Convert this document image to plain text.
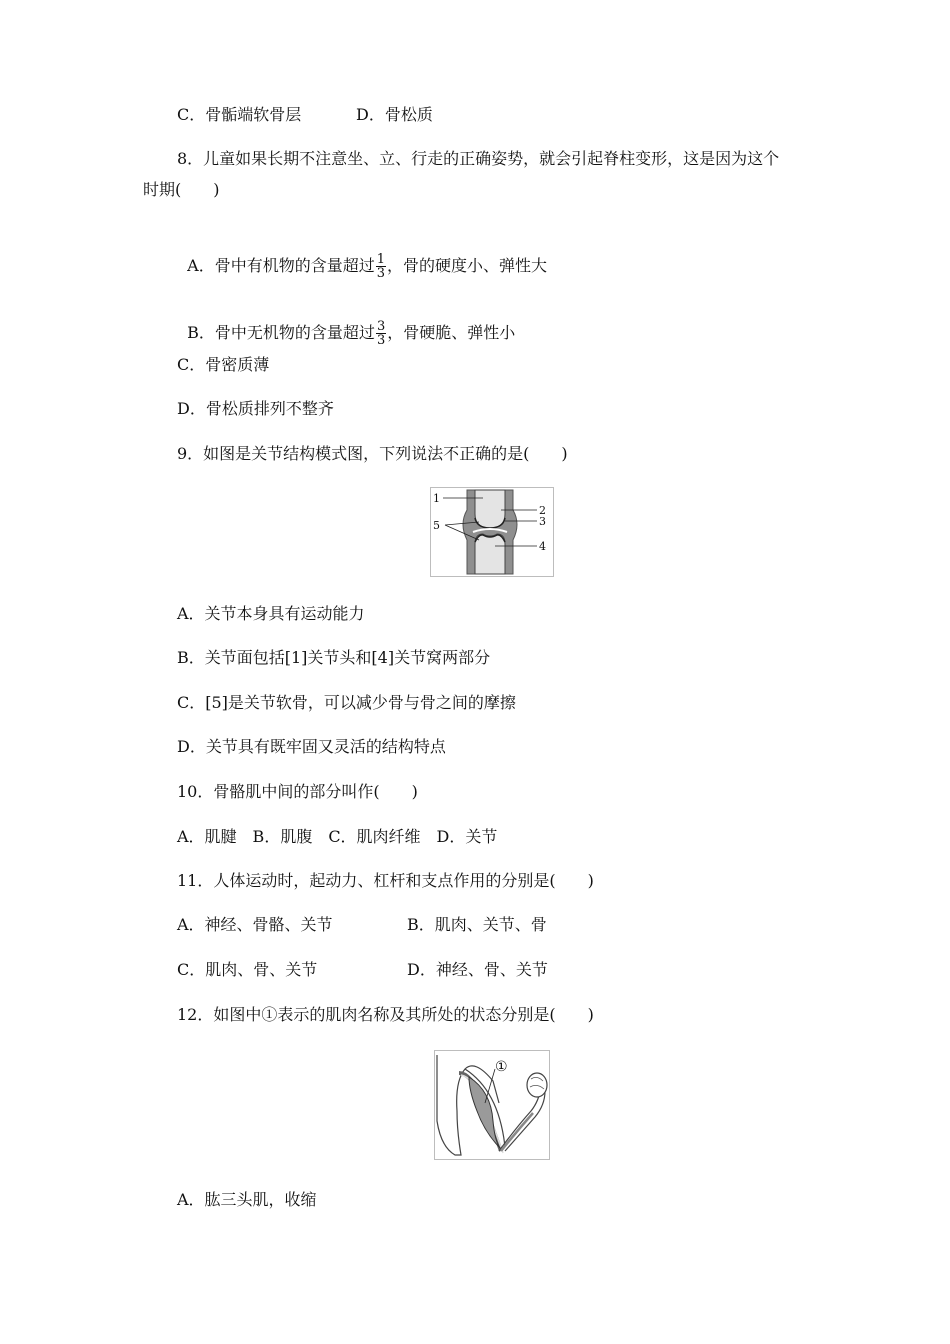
C．骨骺端软骨层	D．骨松质
8．儿童如果长期不注意坐、立、行走的正确姿势，就会引起脊柱变形，这是因为这个
时期(　　)

A．骨中有机物的含量超过 $\frac{1}{3}$ ，骨的硬度小、弹性大

B．骨中无机物的含量超过 $\frac{3}{3}$ ，骨硬脆、弹性小

C．骨密质薄
D．骨松质排列不整齐
9．如图是关节结构模式图，下列说法不正确的是(　　)
1
2
3
4
5
A．关节本身具有运动能力
B．关节面包括[1]关节头和[4]关节窝两部分
C．[5]是关节软骨，可以减少骨与骨之间的摩擦
D．关节具有既牢固又灵活的结构特点
10．骨骼肌中间的部分叫作(　　)
A．肌腱　B．肌腹　C．肌肉纤维　D．关节
11．人体运动时，起动力、杠杆和支点作用的分别是(　　)
A．神经、骨骼、关节	B．肌肉、关节、骨
C．肌肉、骨、关节	D．神经、骨、关节
12．如图中①表示的肌肉名称及其所处的状态分别是(　　)
①
A．肱三头肌，收缩
